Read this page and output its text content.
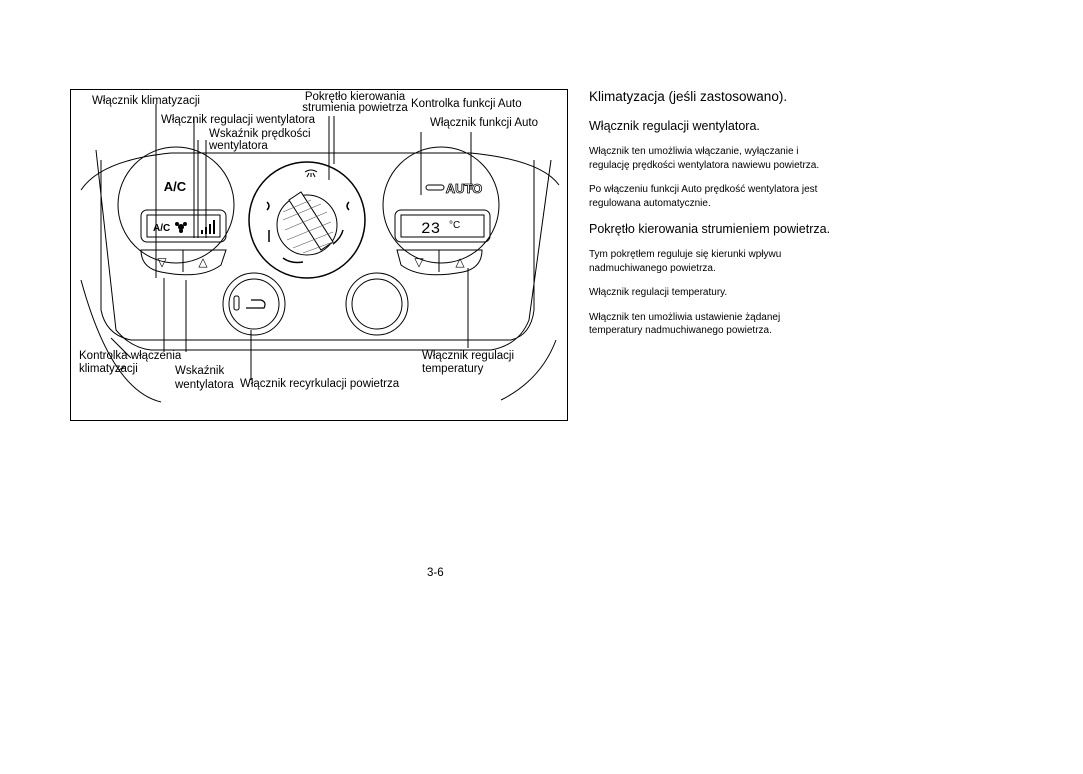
A/C	AUTO
A/C	23 °C
▽	△	▽	△
Włącznik klimatyzacji	Pokrętło kierowania strumienia powietrza Kontrolka funkcji Auto
Włącznik regulacji wentylatora	Włącznik funkcji Auto
Wskaźnik prędkości wentylatora
Kontrolka włączenia klimatyzacji	Wskaźnik wentylatora Włącznik recyrkulacji powietrza
Włącznik regulacji temperatury
Klimatyzacja (jeśli zastosowano).
Włącznik regulacji wentylatora.
Włącznik ten umożliwia włączanie, wyłączanie i regulację prędkości wentylatora nawiewu powietrza.
Po włączeniu funkcji Auto prędkość wentylatora jest regulowana automatycznie.
Pokrętło kierowania strumieniem powietrza.
Tym pokrętłem reguluje się kierunki wpływu nadmuchiwanego powietrza.
Włącznik regulacji temperatury.
Włącznik ten umożliwia ustawienie żądanej temperatury nadmuchiwanego powietrza.
3-6
